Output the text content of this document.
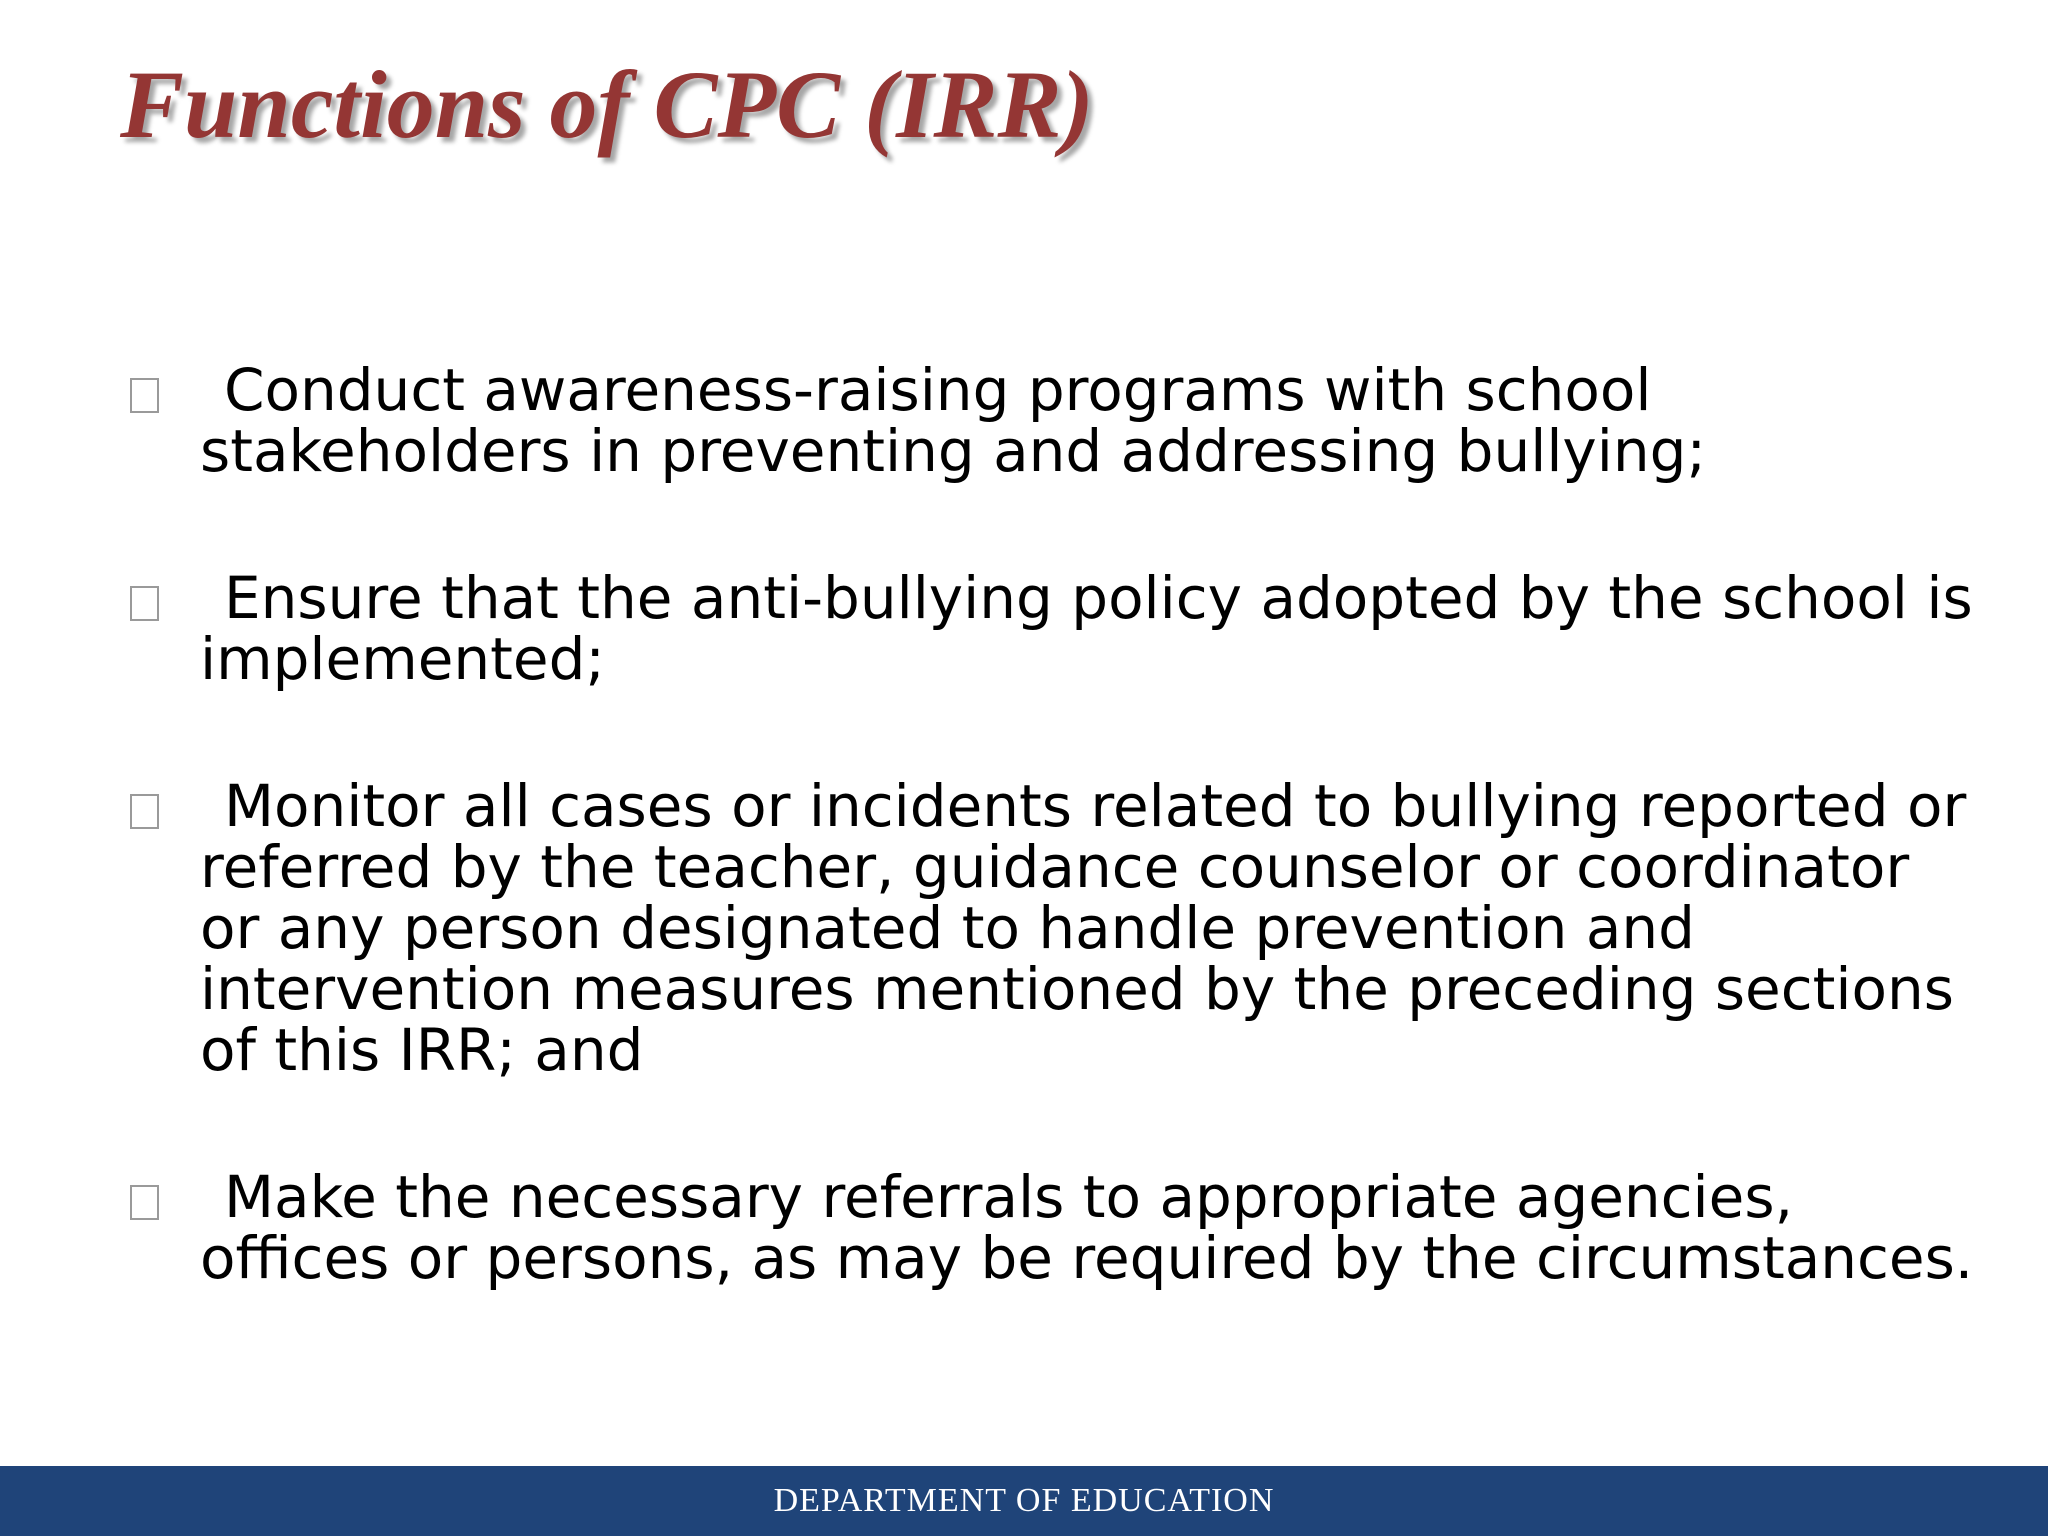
Functions of CPC (IRR)
Conduct awareness-raising programs with school stakeholders in preventing and addressing bullying;
Ensure that the anti-bullying policy adopted by the school is implemented;
Monitor all cases or incidents related to bullying reported or referred by the teacher, guidance counselor or coordinator or any person designated to handle prevention and intervention measures mentioned by the preceding sections of this IRR; and
Make the necessary referrals to appropriate agencies, offices or persons, as may be required by the circumstances.
DEPARTMENT OF EDUCATION
